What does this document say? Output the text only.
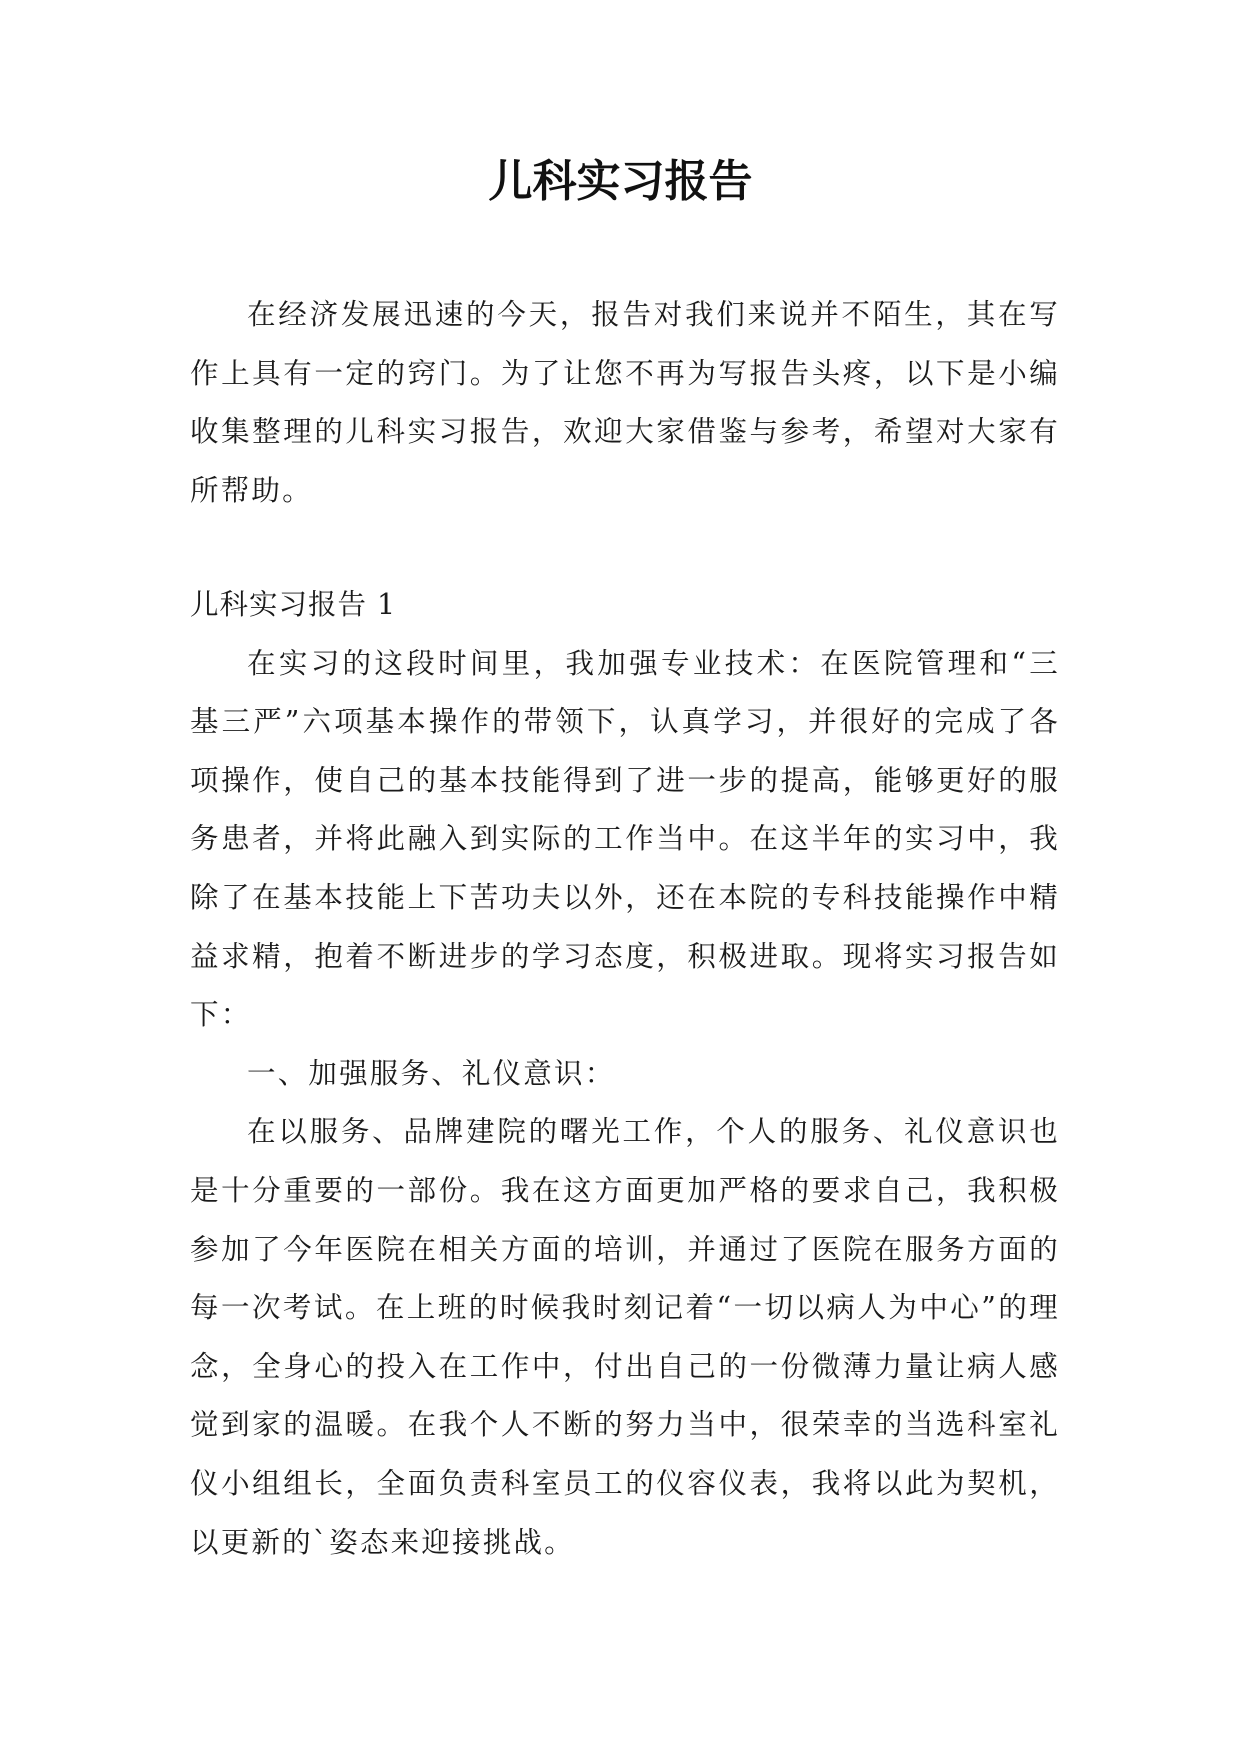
儿科实习报告

在经济发展迅速的今天，报告对我们来说并不陌生，其在写作上具有一定的窍门。为了让您不再为写报告头疼，以下是小编收集整理的儿科实习报告，欢迎大家借鉴与参考，希望对大家有所帮助。

儿科实习报告 1

在实习的这段时间里，我加强专业技术：在医院管理和“三基三严”六项基本操作的带领下，认真学习，并很好的完成了各项操作，使自己的基本技能得到了进一步的提高，能够更好的服务患者，并将此融入到实际的工作当中。在这半年的实习中，我除了在基本技能上下苦功夫以外，还在本院的专科技能操作中精益求精，抱着不断进步的学习态度，积极进取。现将实习报告如下：

一、加强服务、礼仪意识：

在以服务、品牌建院的曙光工作，个人的服务、礼仪意识也是十分重要的一部份。我在这方面更加严格的要求自己，我积极参加了今年医院在相关方面的培训，并通过了医院在服务方面的每一次考试。在上班的时候我时刻记着“一切以病人为中心”的理念，全身心的投入在工作中，付出自己的一份微薄力量让病人感觉到家的温暖。在我个人不断的努力当中，很荣幸的当选科室礼仪小组组长，全面负责科室员工的仪容仪表，我将以此为契机，以更新的`姿态来迎接挑战。
